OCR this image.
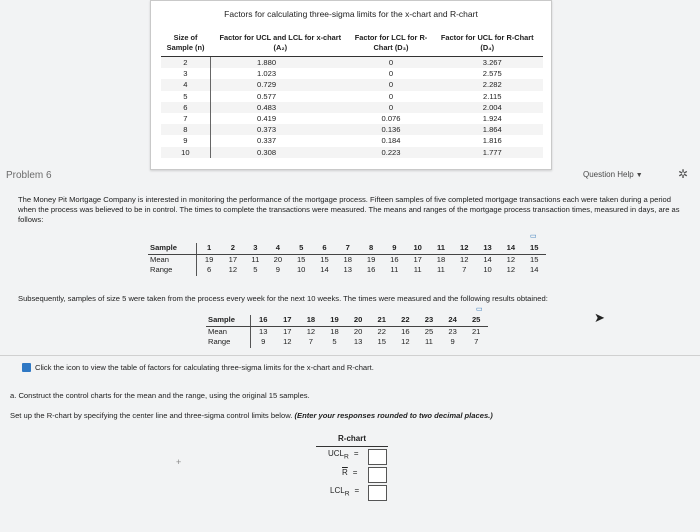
Factors for calculating three-sigma limits for the x-chart and R-chart
Size of Sample (n)	Factor for UCL and LCL for x-chart (A₂)	Factor for LCL for R-Chart (D₃)	Factor for UCL for R-Chart (D₄)
2	1.880	0	3.267
3	1.023	0	2.575
4	0.729	0	2.282
5	0.577	0	2.115
6	0.483	0	2.004
7	0.419	0.076	1.924
8	0.373	0.136	1.864
9	0.337	0.184	1.816
10	0.308	0.223	1.777
Problem 6	Question Help ▼	✲
The Money Pit Mortgage Company is interested in monitoring the performance of the mortgage process. Fifteen samples of five completed mortgage transactions each were taken during a period when the process was believed to be in control. The times to complete the transactions were measured. The means and ranges of the mortgage process transaction times, measured in days, are as follows:
▭
Sample	1	2	3	4	5	6	7	8	9	10	11	12	13	14	15
Mean	19	17	11	20	15	15	18	19	16	17	18	12	14	12	15
Range	6	12	5	9	10	14	13	16	11	11	11	7	10	12	14
Subsequently, samples of size 5 were taken from the process every week for the next 10 weeks. The times were measured and the following results obtained:
▭
Sample	16	17	18	19	20	21	22	23	24	25
Mean	13	17	12	18	20	22	16	25	23	21
Range	9	12	7	5	13	15	12	11	9	7
➤
Click the icon to view the table of factors for calculating three-sigma limits for the x-chart and R-chart.
a. Construct the control charts for the mean and the range, using the original 15 samples.
Set up the R-chart by specifying the center line and three-sigma control limits below. (Enter your responses rounded to two decimal places.)
R-chart
$UCL_R$ =
$\overline{R}$ =
$LCL_R$ =
+
